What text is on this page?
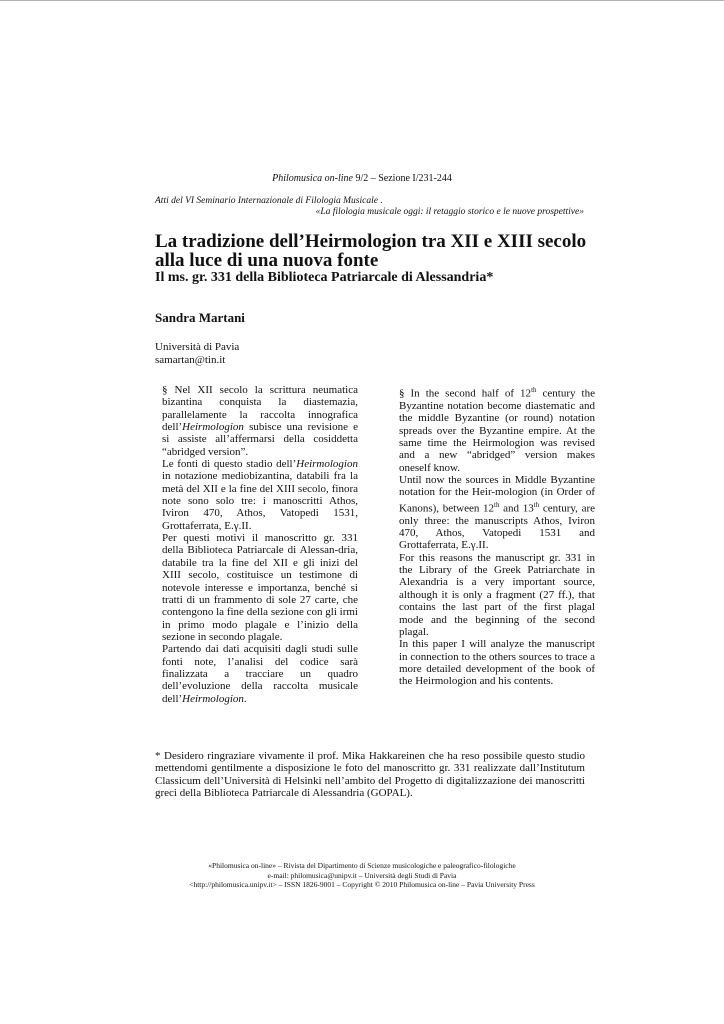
Philomusica on-line 9/2 – Sezione I/231-244
Atti del VI Seminario Internazionale di Filologia Musicale .
«La filologia musicale oggi: il retaggio storico e le nuove prospettive»
La tradizione dell’Heirmologion tra XII e XIII secolo alla luce di una nuova fonte
Il ms. gr. 331 della Biblioteca Patriarcale di Alessandria*
Sandra Martani
Università di Pavia
samartan@tin.it

§ Nel XII secolo la scrittura neumatica bizantina conquista la diastemazia, parallelamente la raccolta innografica dell’Heirmologion subisce una revisione e si assiste all’affermarsi della cosiddetta “abridged version”.

Le fonti di questo stadio dell’Heirmologion in notazione mediobizantina, databili fra la metà del XII e la fine del XIII secolo, finora note sono solo tre: i manoscritti Athos, Iviron 470, Athos, Vatopedi 1531, Grottaferrata, E.γ.II.

Per questi motivi il manoscritto gr. 331 della Biblioteca Patriarcale di Alessan-dria, databile tra la fine del XII e gli inizi del XIII secolo, costituisce un testimone di notevole interesse e importanza, benché si tratti di un frammento di sole 27 carte, che contengono la fine della sezione con gli irmi in primo modo plagale e l’inizio della sezione in secondo plagale.

Partendo dai dati acquisiti dagli studi sulle fonti note, l’analisi del codice sarà finalizzata a tracciare un quadro dell’evoluzione della raccolta musicale dell’Heirmologion.

§ In the second half of 12th century the Byzantine notation become diastematic and the middle Byzantine (or round) notation spreads over the Byzantine empire. At the same time the Heirmologion was revised and a new “abridged” version makes oneself know.

Until now the sources in Middle Byzantine notation for the Heir-mologion (in Order of Kanons), between 12th and 13th century, are only three: the manuscripts Athos, Iviron 470, Athos, Vatopedi 1531 and Grottaferrata, E.γ.II.

For this reasons the manuscript gr. 331 in the Library of the Greek Patriarchate in Alexandria is a very important source, although it is only a fragment (27 ff.), that contains the last part of the first plagal mode and the beginning of the second plagal.

In this paper I will analyze the manuscript in connection to the others sources to trace a more detailed development of the book of the Heirmologion and his contents.

* Desidero ringraziare vivamente il prof. Mika Hakkareinen che ha reso possibile questo studio mettendomi gentilmente a disposizione le foto del manoscritto gr. 331 realizzate dall’Institutum Classicum dell’Università di Helsinki nell’ambito del Progetto di digitalizzazione dei manoscritti greci della Biblioteca Patriarcale di Alessandria (GOPAL).
«Philomusica on-line» – Rivista del Dipartimento di Scienze musicologiche e paleografico-filologiche
e-mail: philomusica@unipv.it – Università degli Studi di Pavia
<http://philomusica.unipv.it> – ISSN 1826-9001 – Copyright © 2010 Philomusica on-line – Pavia University Press
